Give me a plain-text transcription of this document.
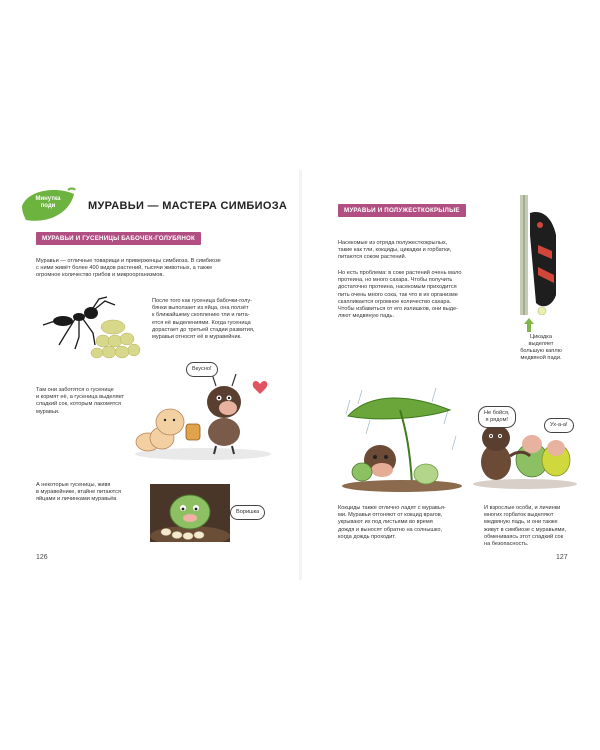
Минутка
поди	МУРАВЬИ — МАСТЕРА СИМБИОЗА
МУРАВЬИ И ГУСЕНИЦЫ БАБОЧЕК-ГОЛУБЯНОК
Муравьи — отличные товарищи и приверженцы симбиоза. В симбиозе
с ними живёт более 400 видов растений, тысячи животных, а также
огромное количество грибов и микроорганизмов.
После того как гусеница бабочки-голу-
бянки выползает из яйца, она ползёт
к ближайшему скоплению тли и пита-
ется её выделениями. Когда гусеница
дорастает до третьей стадии развития,
муравьи относят её в муравейник.
Вкусно!
Там они заботятся о гусенице
и кормят её, а гусеница выделяет
сладкий сок, которым лакомятся
муравьи.
А некоторые гусеницы, живя
в муравейнике, втайне питаются
яйцами и личинками муравьёв.
Воришка
126
МУРАВЬИ И ПОЛУЖЕСТКОКРЫЛЫЕ
Насекомые из отряда полужесткокрылых,
такие как тли, кокциды, цикадки и горбатки,
питаются соком растений.
Но есть проблема: в соке растений очень мало
протеина, но много сахара. Чтобы получить
достаточно протеина, насекомым приходится
пить очень много сока, так что в их организме
скапливается огромное количество сахара.
Чтобы избавиться от его излишков, они выде-
ляют медвяную падь.
Цикадка
выделяет
большую каплю
медвяной пади.
Кокциды также отлично ладят с муравья-
ми. Муравьи отгоняют от кокцид врагов,
укрывают их под листьями во время
дождя и выносят обратно на солнышко,
когда дождь проходит.
Не бойся,
я рядом!
Ух-а-а!
И взрослые особи, и личинки
многих горбаток выделяют
медвяную падь, и они также
живут в симбиозе с муравьями,
обмениваясь этот сладкий сок
на безопасность.
127
